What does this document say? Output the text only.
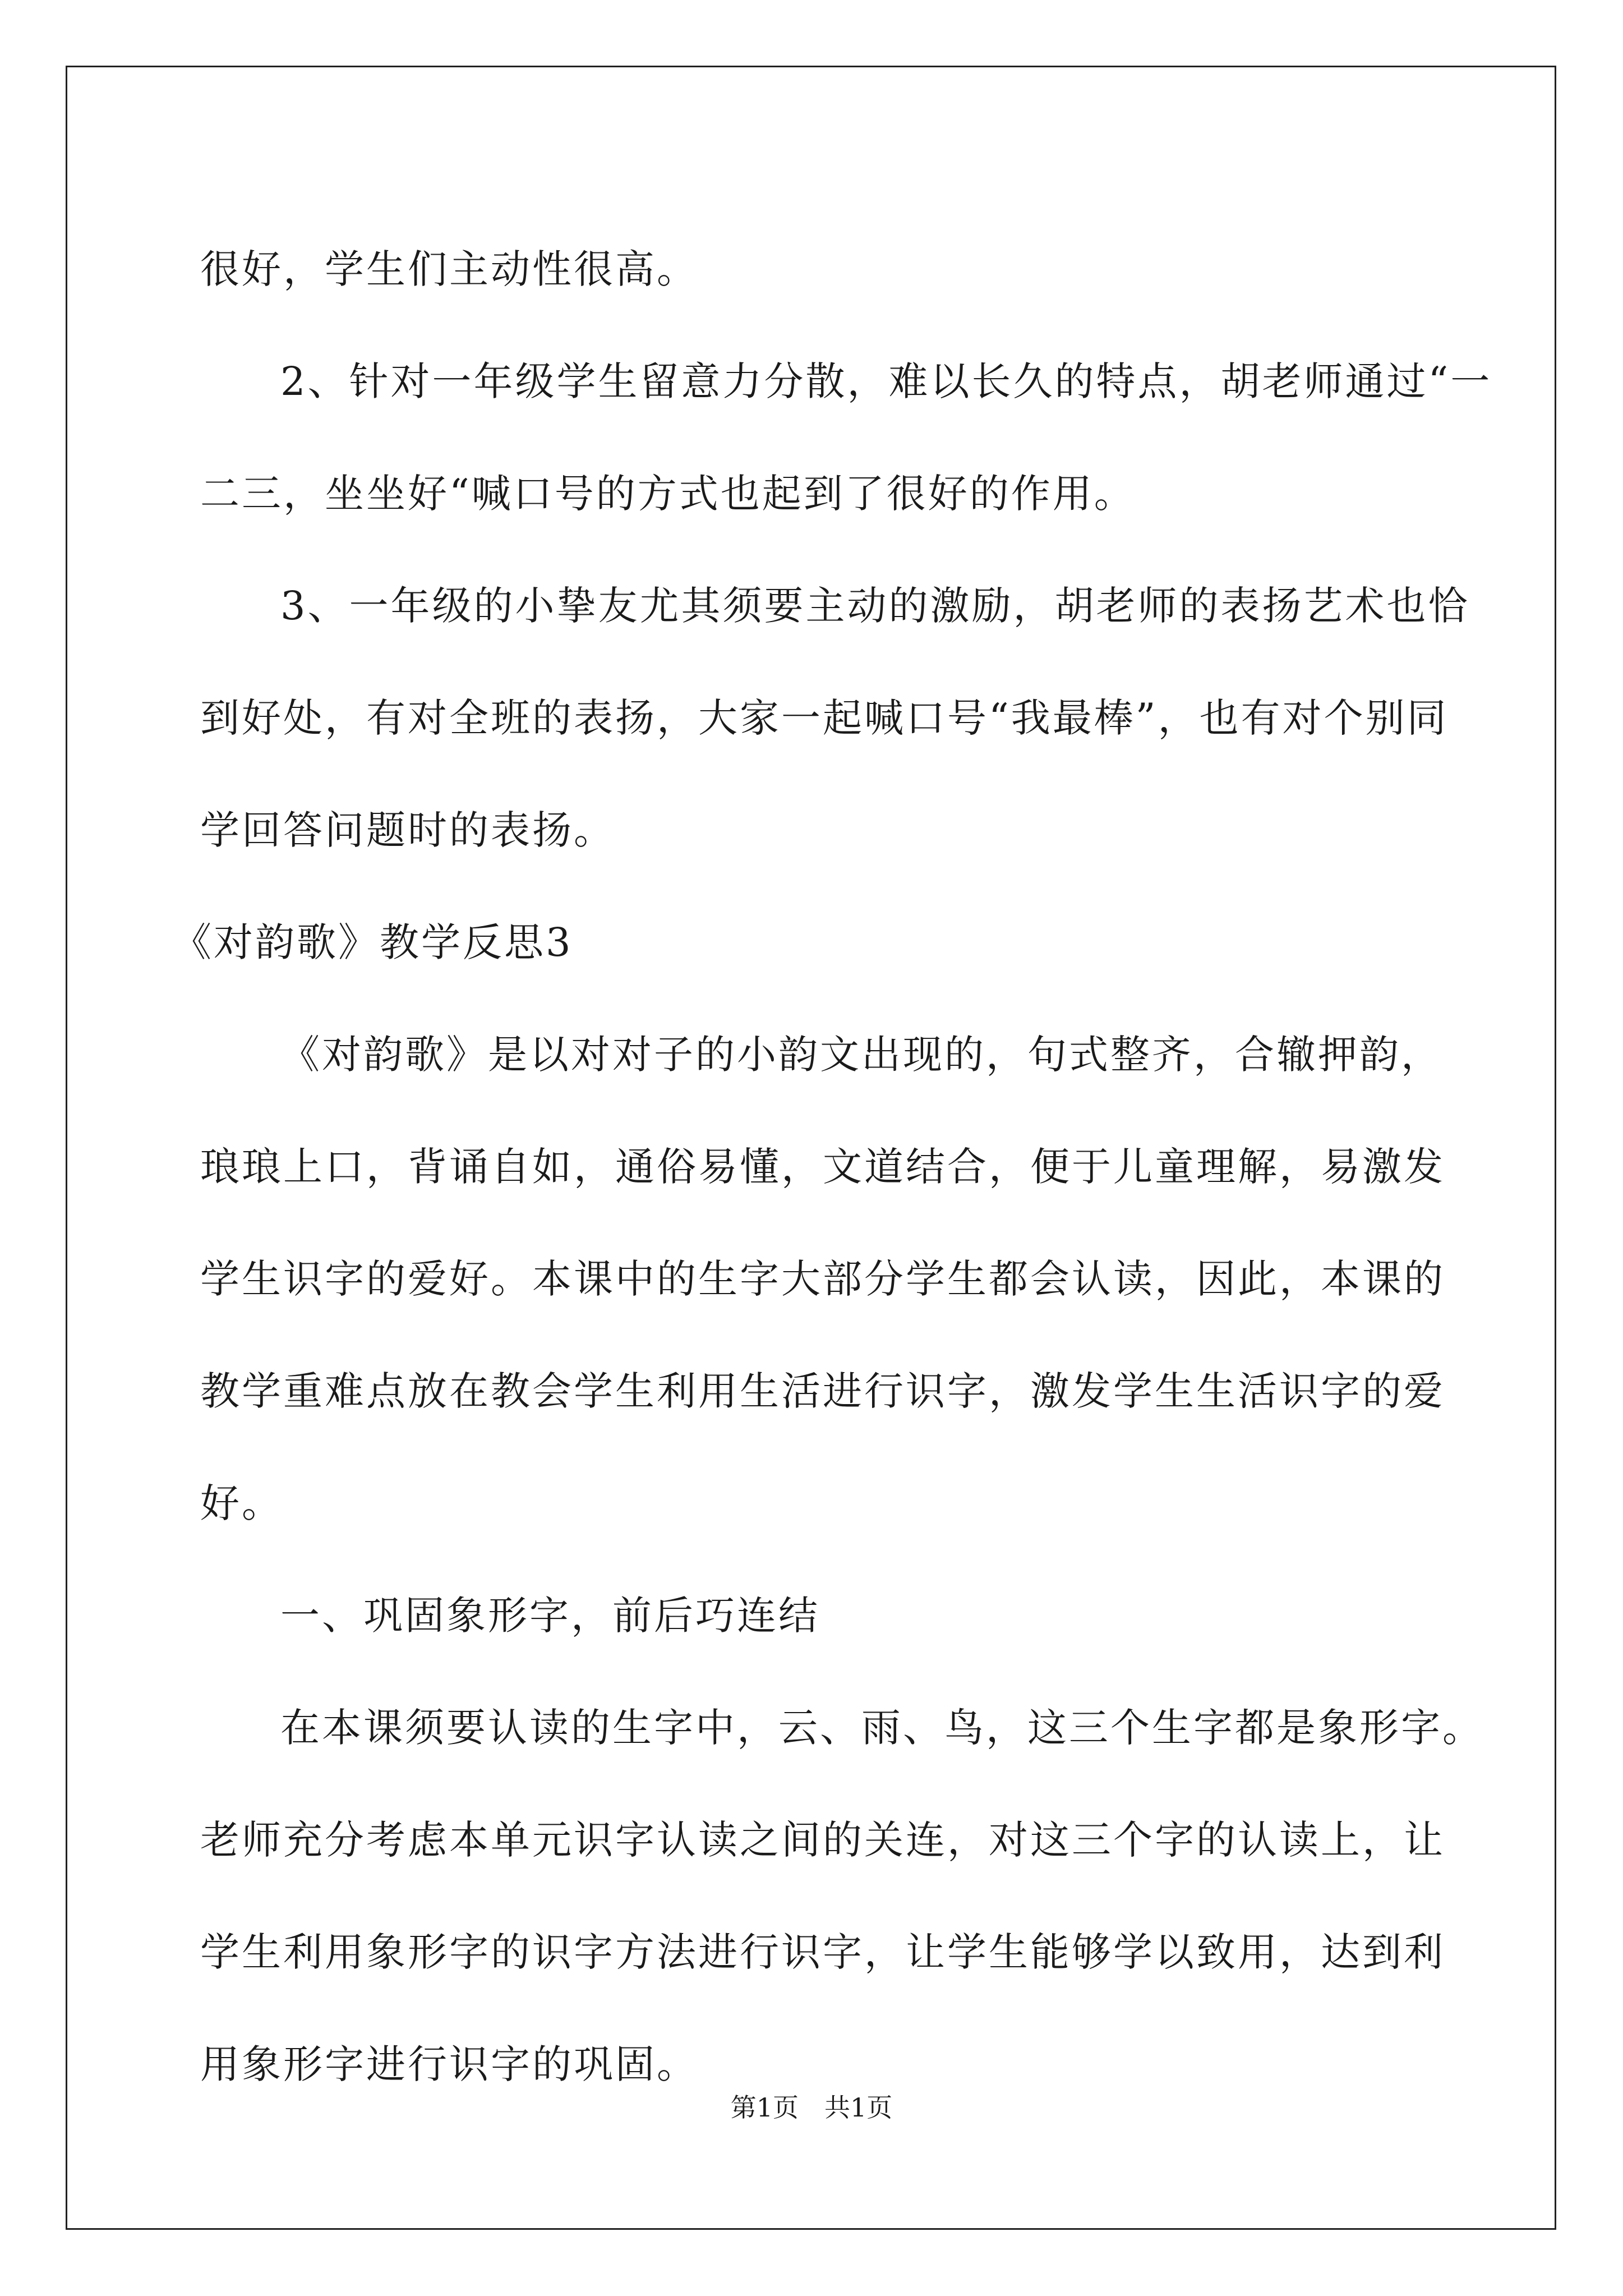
很好，学生们主动性很高。
2、针对一年级学生留意力分散，难以长久的特点，胡老师通过“一
二三，坐坐好“喊口号的方式也起到了很好的作用。
3、一年级的小挚友尤其须要主动的激励，胡老师的表扬艺术也恰
到好处，有对全班的表扬，大家一起喊口号“我最棒”，也有对个别同
学回答问题时的表扬。
《对韵歌》教学反思3
《对韵歌》是以对对子的小韵文出现的，句式整齐，合辙押韵，
琅琅上口，背诵自如，通俗易懂，文道结合，便于儿童理解，易激发
学生识字的爱好。本课中的生字大部分学生都会认读，因此，本课的
教学重难点放在教会学生利用生活进行识字，激发学生生活识字的爱
好。
一、巩固象形字，前后巧连结
在本课须要认读的生字中，云、雨、鸟，这三个生字都是象形字。
老师充分考虑本单元识字认读之间的关连，对这三个字的认读上，让
学生利用象形字的识字方法进行识字，让学生能够学以致用，达到利
用象形字进行识字的巩固。
第1页 共1页
